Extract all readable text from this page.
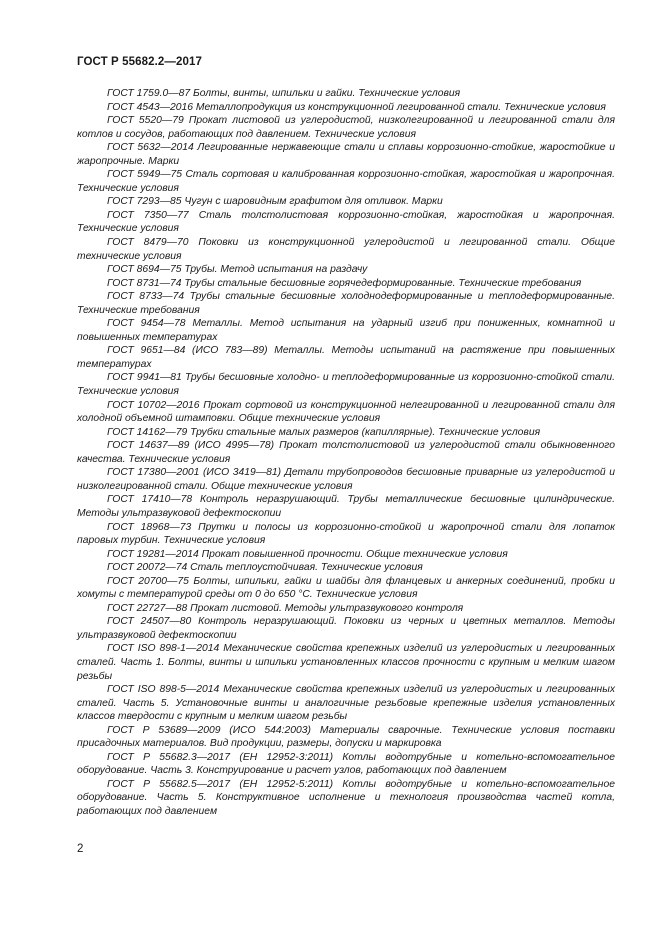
ГОСТ Р 55682.2—2017

ГОСТ 1759.0—87 Болты, винты, шпильки и гайки. Технические условия

ГОСТ 4543—2016 Металлопродукция из конструкционной легированной стали. Технические условия

ГОСТ 5520—79 Прокат листовой из углеродистой, низколегированной и легированной стали для котлов и сосудов, работающих под давлением. Технические условия

ГОСТ 5632—2014 Легированные нержавеющие стали и сплавы коррозионно-стойкие, жаростойкие и жаропрочные. Марки

ГОСТ 5949—75 Сталь сортовая и калиброванная коррозионно-стойкая, жаростойкая и жаропрочная. Технические условия

ГОСТ 7293—85 Чугун с шаровидным графитом для отливок. Марки

ГОСТ 7350—77 Сталь толстолистовая коррозионно-стойкая, жаростойкая и жаропрочная. Технические условия

ГОСТ 8479—70 Поковки из конструкционной углеродистой и легированной стали. Общие технические условия

ГОСТ 8694—75 Трубы. Метод испытания на раздачу

ГОСТ 8731—74 Трубы стальные бесшовные горячедеформированные. Технические требования

ГОСТ 8733—74 Трубы стальные бесшовные холоднодеформированные и теплодеформированные. Технические требования

ГОСТ 9454—78 Металлы. Метод испытания на ударный изгиб при пониженных, комнатной и повышенных температурах

ГОСТ 9651—84 (ИСО 783—89) Металлы. Методы испытаний на растяжение при повышенных температурах

ГОСТ 9941—81 Трубы бесшовные холодно- и теплодеформированные из коррозионно-стойкой стали. Технические условия

ГОСТ 10702—2016 Прокат сортовой из конструкционной нелегированной и легированной стали для холодной объемной штамповки. Общие технические условия

ГОСТ 14162—79 Трубки стальные малых размеров (капиллярные). Технические условия

ГОСТ 14637—89 (ИСО 4995—78) Прокат толстолистовой из углеродистой стали обыкновенного качества. Технические условия

ГОСТ 17380—2001 (ИСО 3419—81) Детали трубопроводов бесшовные приварные из углеродистой и низколегированной стали. Общие технические условия

ГОСТ 17410—78 Контроль неразрушающий. Трубы металлические бесшовные цилиндрические. Методы ультразвуковой дефектоскопии

ГОСТ 18968—73 Прутки и полосы из коррозионно-стойкой и жаропрочной стали для лопаток паровых турбин. Технические условия

ГОСТ 19281—2014 Прокат повышенной прочности. Общие технические условия

ГОСТ 20072—74 Сталь теплоустойчивая. Технические условия

ГОСТ 20700—75 Болты, шпильки, гайки и шайбы для фланцевых и анкерных соединений, пробки и хомуты с температурой среды от 0 до 650 °С. Технические условия

ГОСТ 22727—88 Прокат листовой. Методы ультразвукового контроля

ГОСТ 24507—80 Контроль неразрушающий. Поковки из черных и цветных металлов. Методы ультразвуковой дефектоскопии

ГОСТ ISO 898-1—2014 Механические свойства крепежных изделий из углеродистых и легированных сталей. Часть 1. Болты, винты и шпильки установленных классов прочности с крупным и мелким шагом резьбы

ГОСТ ISO 898-5—2014 Механические свойства крепежных изделий из углеродистых и легированных сталей. Часть 5. Установочные винты и аналогичные резьбовые крепежные изделия установленных классов твердости с крупным и мелким шагом резьбы

ГОСТ Р 53689—2009 (ИСО 544:2003) Материалы сварочные. Технические условия поставки присадочных материалов. Вид продукции, размеры, допуски и маркировка

ГОСТ Р 55682.3—2017 (ЕН 12952-3:2011) Котлы водотрубные и котельно-вспомогательное оборудование. Часть 3. Конструирование и расчет узлов, работающих под давлением

ГОСТ Р 55682.5—2017 (ЕН 12952-5:2011) Котлы водотрубные и котельно-вспомогательное оборудование. Часть 5. Конструктивное исполнение и технология производства частей котла, работающих под давлением

2
